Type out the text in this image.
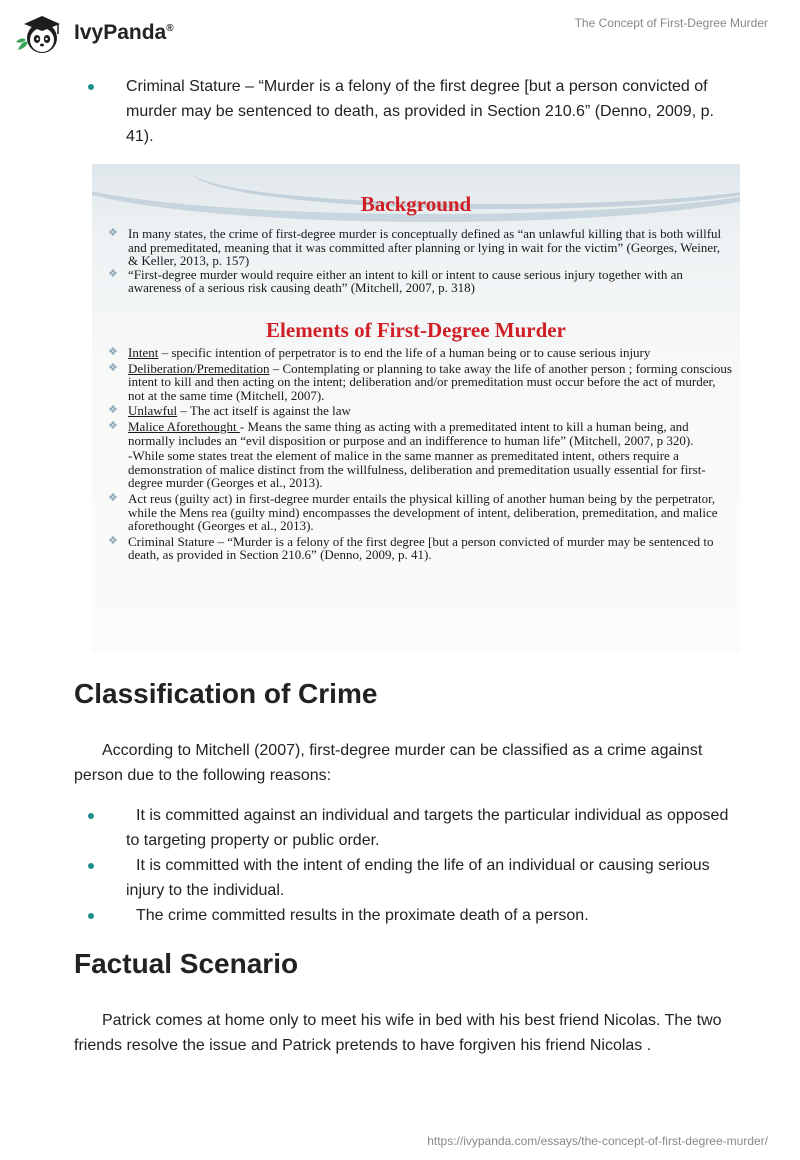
IvyPanda®	The Concept of First-Degree Murder
Criminal Stature – “Murder is a felony of the first degree [but a person convicted of murder may be sentenced to death, as provided in Section 210.6” (Denno, 2009, p. 41).
Background
❖ In many states, the crime of first-degree murder is conceptually defined as “an unlawful killing that is both willful and premeditated, meaning that it was committed after planning or lying in wait for the victim” (Georges, Weiner, & Keller, 2013, p. 157)
❖ “First-degree murder would require either an intent to kill or intent to cause serious injury together with an awareness of a serious risk causing death” (Mitchell, 2007, p. 318)
Elements of First-Degree Murder
❖ Intent – specific intention of perpetrator is to end the life of a human being or to cause serious injury
❖ Deliberation/Premeditation – Contemplating or planning to take away the life of another person ; forming conscious intent to kill and then acting on the intent; deliberation and/or premeditation must occur before the act of murder, not at the same time (Mitchell, 2007).
❖ Unlawful – The act itself is against the law
❖ Malice Aforethought - Means the same thing as acting with a premeditated intent to kill a human being, and normally includes an “evil disposition or purpose and an indifference to human life” (Mitchell, 2007, p 320).
-While some states treat the element of malice in the same manner as premeditated intent, others require a demonstration of malice distinct from the willfulness, deliberation and premeditation usually essential for first-degree murder (Georges et al., 2013).
❖ Act reus (guilty act) in first-degree murder entails the physical killing of another human being by the perpetrator, while the Mens rea (guilty mind) encompasses the development of intent, deliberation, premeditation, and malice aforethought (Georges et al., 2013).
❖ Criminal Stature – “Murder is a felony of the first degree [but a person convicted of murder may be sentenced to death, as provided in Section 210.6” (Denno, 2009, p. 41).
Classification of Crime

According to Mitchell (2007), first-degree murder can be classified as a crime against person due to the following reasons:

It is committed against an individual and targets the particular individual as opposed to targeting property or public order.
It is committed with the intent of ending the life of an individual or causing serious injury to the individual.
The crime committed results in the proximate death of a person.
Factual Scenario

Patrick comes at home only to meet his wife in bed with his best friend Nicolas. The two friends resolve the issue and Patrick pretends to have forgiven his friend Nicolas .

https://ivypanda.com/essays/the-concept-of-first-degree-murder/
